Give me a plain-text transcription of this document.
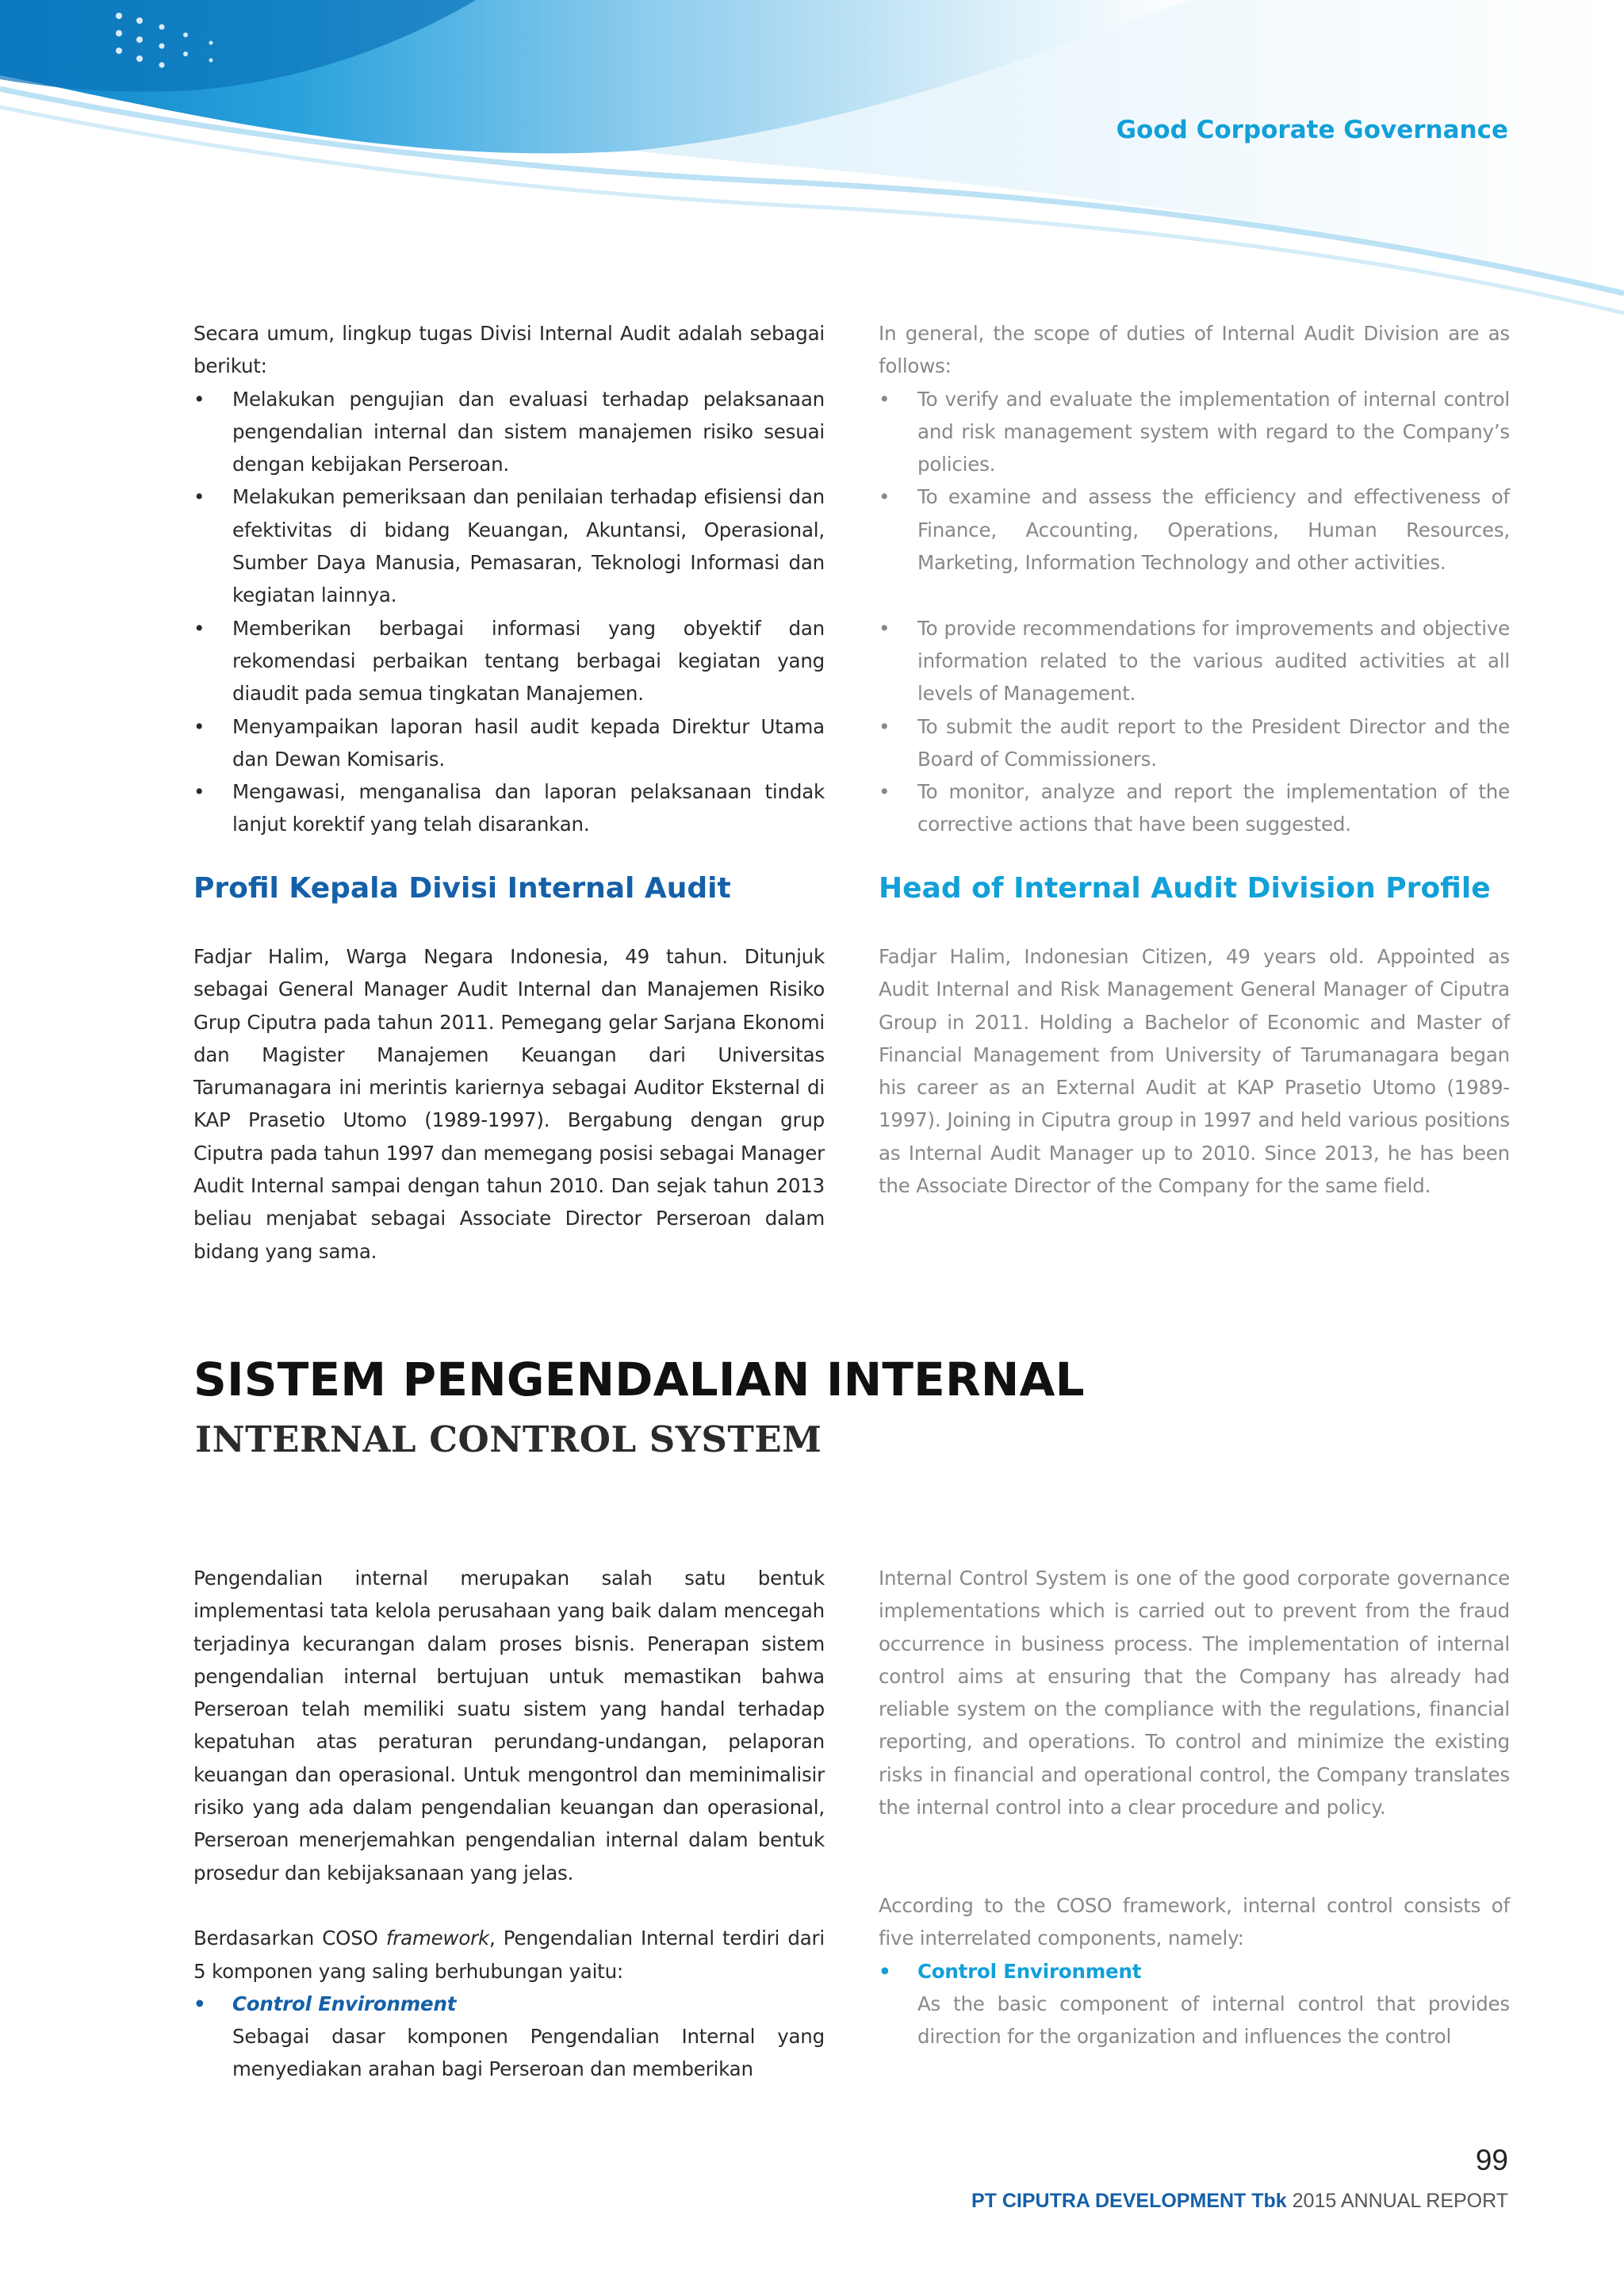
Good Corporate Governance

Secara umum, lingkup tugas Divisi Internal Audit adalah sebagai berikut:

• Melakukan pengujian dan evaluasi terhadap pelaksanaan pengendalian internal dan sistem manajemen risiko sesuai dengan kebijakan Perseroan.
• Melakukan pemeriksaan dan penilaian terhadap efisiensi dan efektivitas di bidang Keuangan, Akuntansi, Operasional, Sumber Daya Manusia, Pemasaran, Teknologi Informasi dan kegiatan lainnya.
• Memberikan berbagai informasi yang obyektif dan rekomendasi perbaikan tentang berbagai kegiatan yang diaudit pada semua tingkatan Manajemen.
• Menyampaikan laporan hasil audit kepada Direktur Utama dan Dewan Komisaris.
• Mengawasi, menganalisa dan laporan pelaksanaan tindak lanjut korektif yang telah disarankan.

In general, the scope of duties of Internal Audit Division are as follows:

• To verify and evaluate the implementation of internal control and risk management system with regard to the Company’s policies.
• To examine and assess the efficiency and effectiveness of Finance, Accounting, Operations, Human Resources, Marketing, Information Technology and other activities.
• To provide recommendations for improvements and objective information related to the various audited activities at all levels of Management.
• To submit the audit report to the President Director and the Board of Commissioners.
• To monitor, analyze and report the implementation of the corrective actions that have been suggested.
Profil Kepala Divisi Internal Audit	Head of Internal Audit Division Profile

Fadjar Halim, Warga Negara Indonesia, 49 tahun. Ditunjuk sebagai General Manager Audit Internal dan Manajemen Risiko Grup Ciputra pada tahun 2011. Pemegang gelar Sarjana Ekonomi dan Magister Manajemen Keuangan dari Universitas Tarumanagara ini merintis kariernya sebagai Auditor Eksternal di KAP Prasetio Utomo (1989-1997). Bergabung dengan grup Ciputra pada tahun 1997 dan memegang posisi sebagai Manager Audit Internal sampai dengan tahun 2010. Dan sejak tahun 2013 beliau menjabat sebagai Associate Director Perseroan dalam bidang yang sama.

Fadjar Halim, Indonesian Citizen, 49 years old. Appointed as Audit Internal and Risk Management General Manager of Ciputra Group in 2011. Holding a Bachelor of Economic and Master of Financial Management from University of Tarumanagara began his career as an External Audit at KAP Prasetio Utomo (1989-1997). Joining in Ciputra group in 1997 and held various positions as Internal Audit Manager up to 2010. Since 2013, he has been the Associate Director of the Company for the same field.

SISTEM PENGENDALIAN INTERNAL
INTERNAL CONTROL SYSTEM

Pengendalian internal merupakan salah satu bentuk implementasi tata kelola perusahaan yang baik dalam mencegah terjadinya kecurangan dalam proses bisnis. Penerapan sistem pengendalian internal bertujuan untuk memastikan bahwa Perseroan telah memiliki suatu sistem yang handal terhadap kepatuhan atas peraturan perundang-undangan, pelaporan keuangan dan operasional. Untuk mengontrol dan meminimalisir risiko yang ada dalam pengendalian keuangan dan operasional, Perseroan menerjemahkan pengendalian internal dalam bentuk prosedur dan kebijaksanaan yang jelas.

Berdasarkan COSO framework, Pengendalian Internal terdiri dari 5 komponen yang saling berhubungan yaitu:

• Control Environment
Sebagai dasar komponen Pengendalian Internal yang menyediakan arahan bagi Perseroan dan memberikan

Internal Control System is one of the good corporate governance implementations which is carried out to prevent from the fraud occurrence in business process. The implementation of internal control aims at ensuring that the Company has already had reliable system on the compliance with the regulations, financial reporting, and operations. To control and minimize the existing risks in financial and operational control, the Company translates the internal control into a clear procedure and policy.

According to the COSO framework, internal control consists of five interrelated components, namely:

• Control Environment
As the basic component of internal control that provides direction for the organization and influences the control
99
PT CIPUTRA DEVELOPMENT Tbk 2015 ANNUAL REPORT
